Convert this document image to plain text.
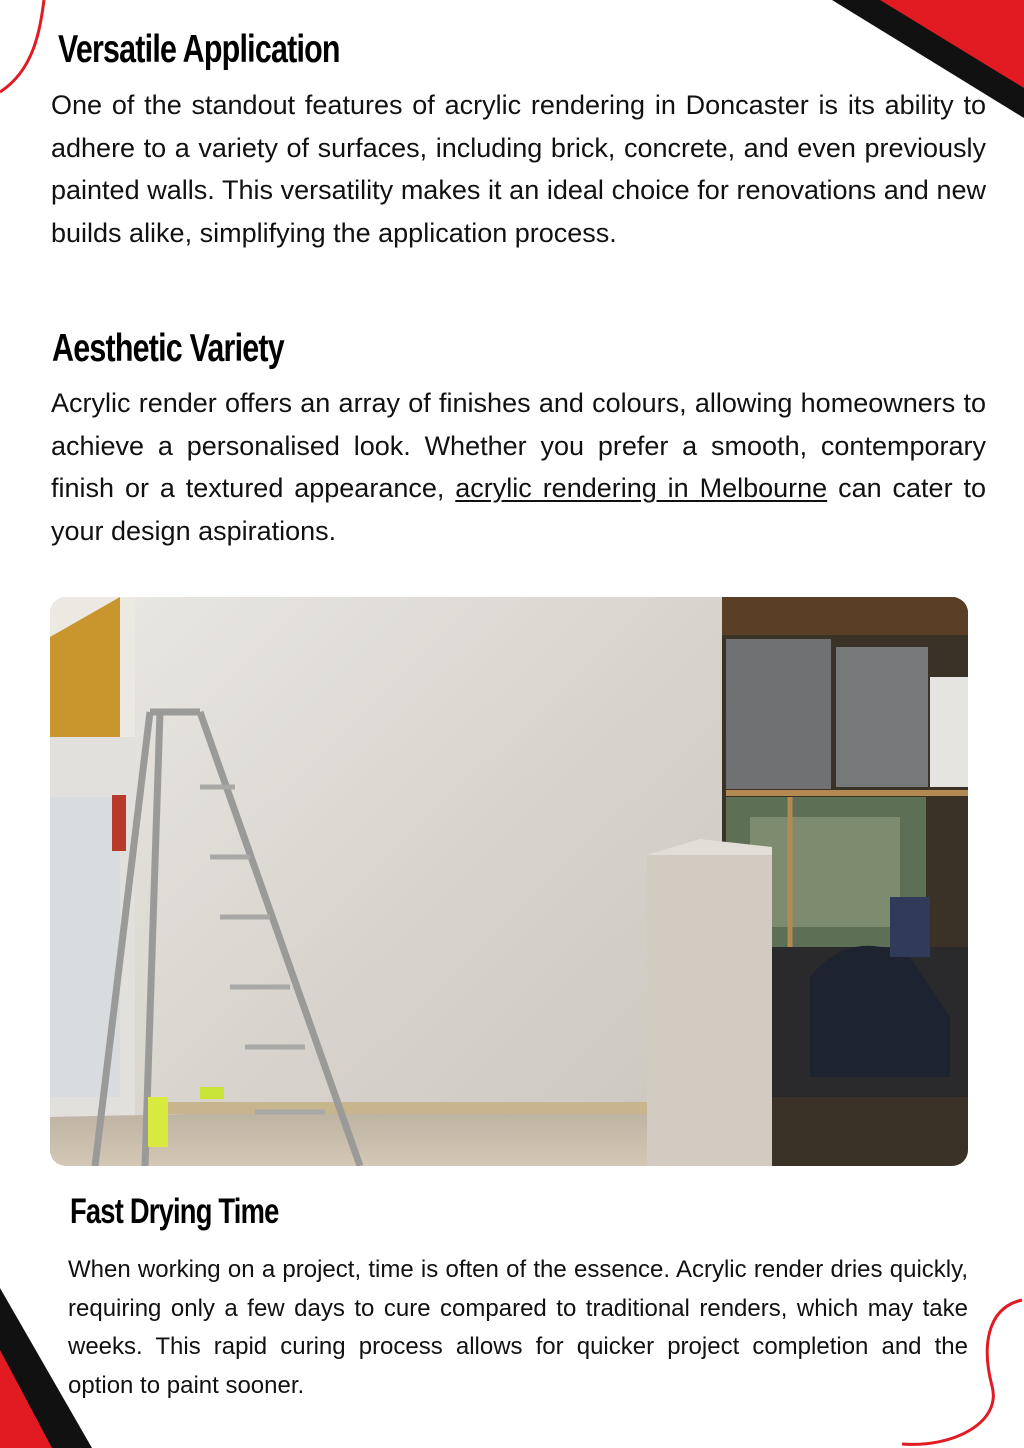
Versatile Application

One of the standout features of acrylic rendering in Doncaster is its ability to adhere to a variety of surfaces, including brick, concrete, and even previously painted walls. This versatility makes it an ideal choice for renovations and new builds alike, simplifying the application process.

Aesthetic Variety

Acrylic render offers an array of finishes and colours, allowing homeowners to achieve a personalised look. Whether you prefer a smooth, contemporary finish or a textured appearance, acrylic rendering in Melbourne can cater to your design aspirations.

Fast Drying Time

When working on a project, time is often of the essence. Acrylic render dries quickly, requiring only a few days to cure compared to traditional renders, which may take weeks. This rapid curing process allows for quicker project completion and the option to paint sooner.
